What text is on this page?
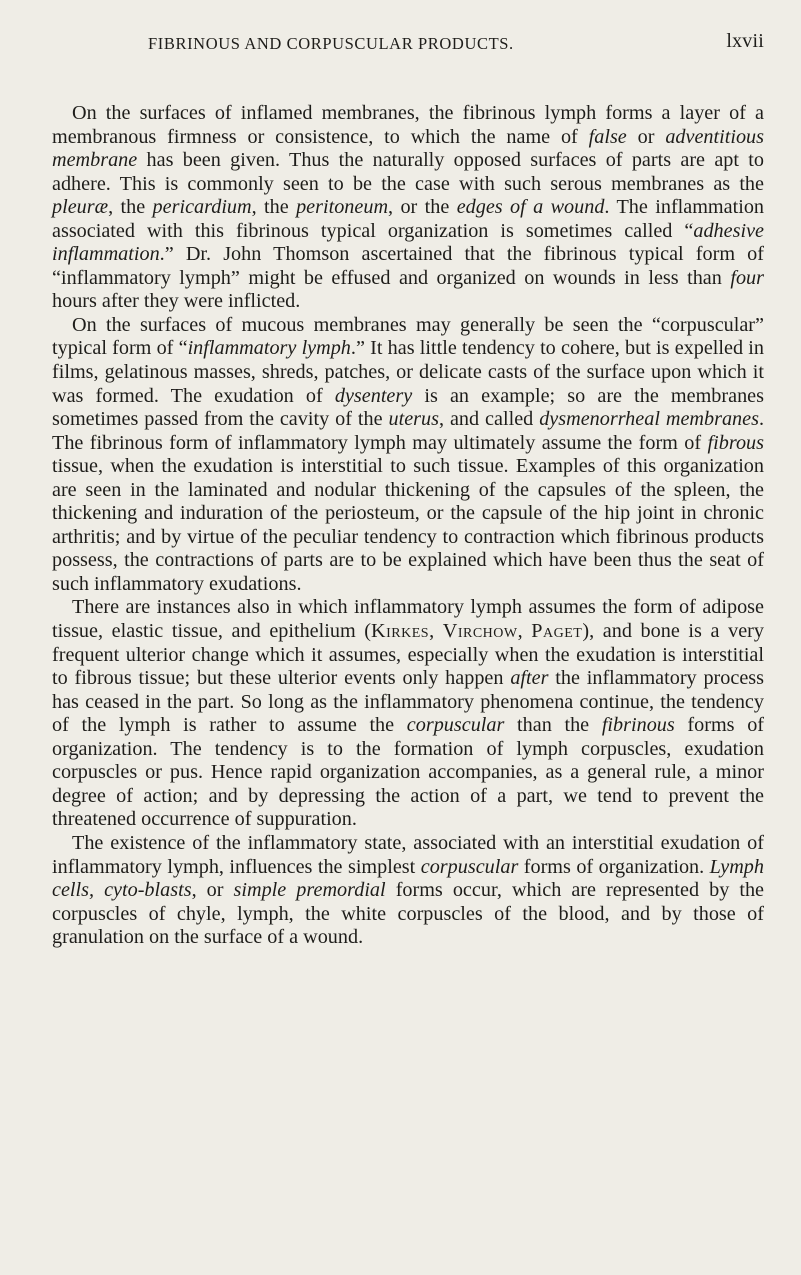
FIBRINOUS AND CORPUSCULAR PRODUCTS.	lxvii

On the surfaces of inflamed membranes, the fibrinous lymph forms a layer of a membranous firmness or consistence, to which the name of false or adventitious membrane has been given. Thus the naturally opposed surfaces of parts are apt to adhere. This is commonly seen to be the case with such serous membranes as the pleuræ, the pericardium, the peritoneum, or the edges of a wound. The inflammation associated with this fibrinous typical organization is sometimes called “adhesive inflammation.” Dr. John Thomson ascertained that the fibrinous typical form of “inflammatory lymph” might be effused and organized on wounds in less than four hours after they were inflicted.

On the surfaces of mucous membranes may generally be seen the “corpuscular” typical form of “inflammatory lymph.” It has little tendency to cohere, but is expelled in films, gelatinous masses, shreds, patches, or delicate casts of the surface upon which it was formed. The exudation of dysentery is an example; so are the membranes sometimes passed from the cavity of the uterus, and called dysmenorrheal membranes. The fibrinous form of inflammatory lymph may ultimately assume the form of fibrous tissue, when the exudation is interstitial to such tissue. Examples of this organization are seen in the laminated and nodular thickening of the capsules of the spleen, the thickening and induration of the periosteum, or the capsule of the hip joint in chronic arthritis; and by virtue of the peculiar tendency to contraction which fibrinous products possess, the contractions of parts are to be explained which have been thus the seat of such inflammatory exudations.

There are instances also in which inflammatory lymph assumes the form of adipose tissue, elastic tissue, and epithelium (Kirkes, Virchow, Paget), and bone is a very frequent ulterior change which it assumes, especially when the exudation is interstitial to fibrous tissue; but these ulterior events only happen after the inflammatory process has ceased in the part. So long as the inflammatory phenomena continue, the tendency of the lymph is rather to assume the corpuscular than the fibrinous forms of organization. The tendency is to the formation of lymph corpuscles, exudation corpuscles or pus. Hence rapid organization accompanies, as a general rule, a minor degree of action; and by depressing the action of a part, we tend to prevent the threatened occurrence of suppuration.

The existence of the inflammatory state, associated with an interstitial exudation of inflammatory lymph, influences the simplest corpuscular forms of organization. Lymph cells, cyto-blasts, or simple premordial forms occur, which are represented by the corpuscles of chyle, lymph, the white corpuscles of the blood, and by those of granulation on the surface of a wound.
